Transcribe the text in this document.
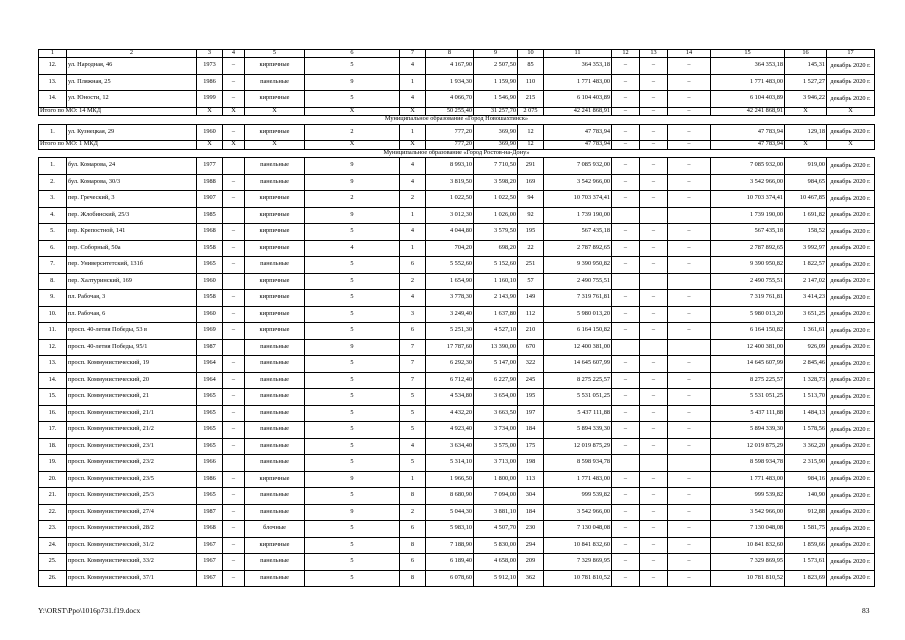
1	2	3	4	5	6	7	8	9	10	11	12	13	14	15	16	17
12.	ул. Народная, 46	1973	–	кирпичные	5	4	4 167,90	2 507,50	85	364 353,18	–	–	–	364 353,18	145,31	декабрь 2020 г.
13.	ул. Пляжная, 25	1986	–	панельные	9	1	1 934,30	1 159,90	110	1 771 483,00	–	–	–	1 771 483,00	1 527,27	декабрь 2020 г.
14.	ул. Юности, 12	1999	–	кирпичные	5	4	4 066,70	1 546,90	215	6 104 403,89	–	–	–	6 104 403,89	3 946,22	декабрь 2020 г.
Итого по МО: 14 МКД		Х	Х	Х	Х	Х	50 255,40	31 257,70	2 075	42 241 868,91	–	–	–	42 241 868,91	Х	Х
Муниципальное образование «Город Новошахтинск»																
1.	ул. Кузнецкая, 29	1960	–	кирпичные	2	1	777,20	369,90	12	47 783,94	–	–	–	47 783,94	129,18	декабрь 2020 г.
Итого по МО: 1 МКД		Х	Х	Х	Х	Х	777,20	369,90	12	47 783,94	–	–	–	47 783,94	Х	Х
Муниципальное образование «Город Ростов-на-Дону»																
1.	бул. Комарова, 24	1977		панельные	9	4	8 993,10	7 710,50	291	7 085 932,00	–	–	–	7 085 932,00	919,00	декабрь 2020 г.
2.	бул. Комарова, 30/3	1988	–	панельные	9	4	3 819,50	3 598,20	169	3 542 966,00	–	–	–	3 542 966,00	984,65	декабрь 2020 г.
3.	пер. Греческий, 3	1907	–	кирпичные	2	2	1 022,50	1 022,50	94	10 703 374,41	–	–	–	10 703 374,41	10 467,85	декабрь 2020 г.
4.	пер. Жлобинский, 25/3	1985		кирпичные	9	1	3 012,30	1 026,00	92	1 739 190,00				1 739 190,00	1 691,82	декабрь 2020 г.
5.	пер. Крепостной, 141	1968	–	кирпичные	5	4	4 044,80	3 579,50	195	567 435,18	–	–	–	567 435,18	158,52	декабрь 2020 г.
6.	пер. Соборный, 50а	1958	–	кирпичные	4	1	704,20	698,20	22	2 787 892,65	–	–	–	2 787 892,65	3 992,97	декабрь 2020 г.
7.	пер. Университетский, 131б	1965	–	панельные	5	6	5 552,60	5 152,60	251	9 390 950,82	–	–	–	9 390 950,82	1 822,57	декабрь 2020 г.
8.	пер. Халтуринский, 169	1960		кирпичные	5	2	1 654,90	1 160,10	57	2 490 755,51				2 490 755,51	2 147,02	декабрь 2020 г.
9.	пл. Рабочая, 3	1958	–	кирпичные	5	4	3 778,30	2 143,90	149	7 319 761,81	–	–	–	7 319 761,81	3 414,23	декабрь 2020 г.
10.	пл. Рабочая, 6	1960	–	кирпичные	5	3	3 249,40	1 637,80	112	5 980 013,20	–	–	–	5 980 013,20	3 651,25	декабрь 2020 г.
11.	просп. 40-летия Победы, 53 в	1969	–	кирпичные	5	6	5 251,30	4 527,10	210	6 164 150,82	–	–	–	6 164 150,82	1 361,61	декабрь 2020 г.
12.	просп. 40-летия Победы, 95/1	1987		панельные	9	7	17 787,60	13 390,00	670	12 400 381,00				12 400 381,00	926,09	декабрь 2020 г.
13.	просп. Коммунистический, 19	1964	–	панельные	5	7	6 292,30	5 147,00	322	14 645 607,99	–	–	–	14 645 607,99	2 845,46	декабрь 2020 г.
14.	просп. Коммунистический, 20	1964	–	панельные	5	7	6 712,40	6 227,90	245	8 275 225,57	–	–	–	8 275 225,57	1 328,73	декабрь 2020 г.
15.	просп. Коммунистический, 21	1965	–	панельные	5	5	4 534,80	3 654,00	195	5 531 051,25	–	–	–	5 531 051,25	1 513,70	декабрь 2020 г.
16.	просп. Коммунистический, 21/1	1965	–	панельные	5	5	4 432,20	3 663,50	197	5 437 111,88	–	–	–	5 437 111,88	1 484,13	декабрь 2020 г.
17.	просп. Коммунистический, 21/2	1965	–	панельные	5	5	4 923,40	3 734,00	184	5 894 339,30	–	–	–	5 894 339,30	1 578,56	декабрь 2020 г.
18.	просп. Коммунистический, 23/1	1965	–	панельные	5	4	3 634,40	3 575,00	175	12 019 875,29	–	–	–	12 019 875,29	3 362,20	декабрь 2020 г.
19.	просп. Коммунистический, 23/2	1966		панельные	5	5	5 314,10	3 713,00	198	8 598 934,78				8 598 934,78	2 315,90	декабрь 2020 г.
20.	просп. Коммунистический, 23/5	1986	–	кирпичные	9	1	1 966,50	1 800,00	113	1 771 483,00	–	–	–	1 771 483,00	984,16	декабрь 2020 г.
21.	просп. Коммунистический, 25/3	1965	–	панельные	5	8	8 680,90	7 094,00	304	999 539,82	–	–	–	999 539,82	140,90	декабрь 2020 г.
22.	просп. Коммунистический, 27/4	1987	–	панельные	9	2	5 044,30	3 881,10	184	3 542 966,00	–	–	–	3 542 966,00	912,88	декабрь 2020 г.
23.	просп. Коммунистический, 28/2	1968	–	блочные	5	6	5 983,10	4 507,70	230	7 130 048,08	–	–	–	7 130 048,08	1 581,75	декабрь 2020 г.
24.	просп. Коммунистический, 31/2	1967	–	кирпичные	5	8	7 188,90	5 830,00	294	10 841 832,60	–	–	–	10 841 832,60	1 859,66	декабрь 2020 г.
25.	просп. Коммунистический, 33/2	1967	–	панельные	5	6	6 189,40	4 658,00	209	7 329 869,95	–	–	–	7 329 869,95	1 573,61	декабрь 2020 г.
26.	просп. Коммунистический, 37/1	1967	–	панельные	5	8	6 078,60	5 912,10	362	10 781 810,52	–	–	–	10 781 810,52	1 823,69	декабрь 2020 г.
Y:\ORST\Ppo\1016p731.f19.docx	83
